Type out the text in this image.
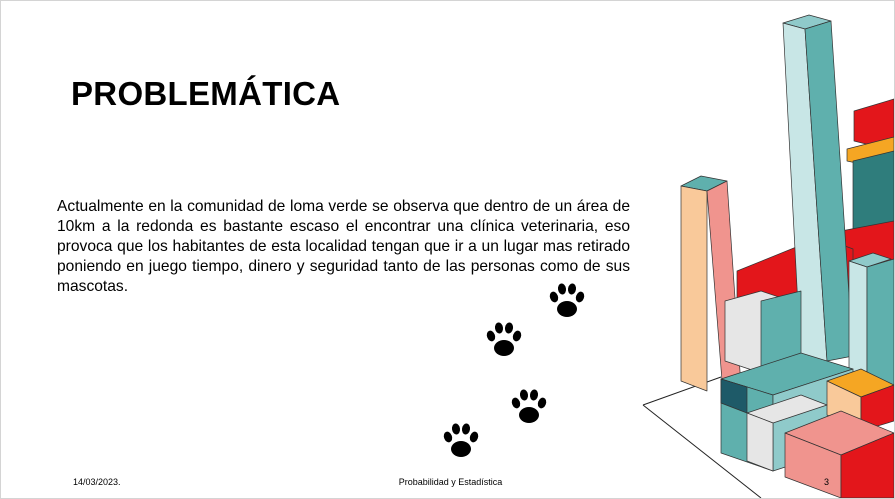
PROBLEMÁTICA
Actualmente en la comunidad de loma verde se observa que dentro de un área de 10km a la redonda es bastante escaso el encontrar una clínica veterinaria, eso provoca que los habitantes de esta localidad tengan que ir a un lugar mas retirado poniendo en juego tiempo, dinero y seguridad tanto de las personas como de sus mascotas.
14/03/2023.	Probabilidad y Estadística	3
